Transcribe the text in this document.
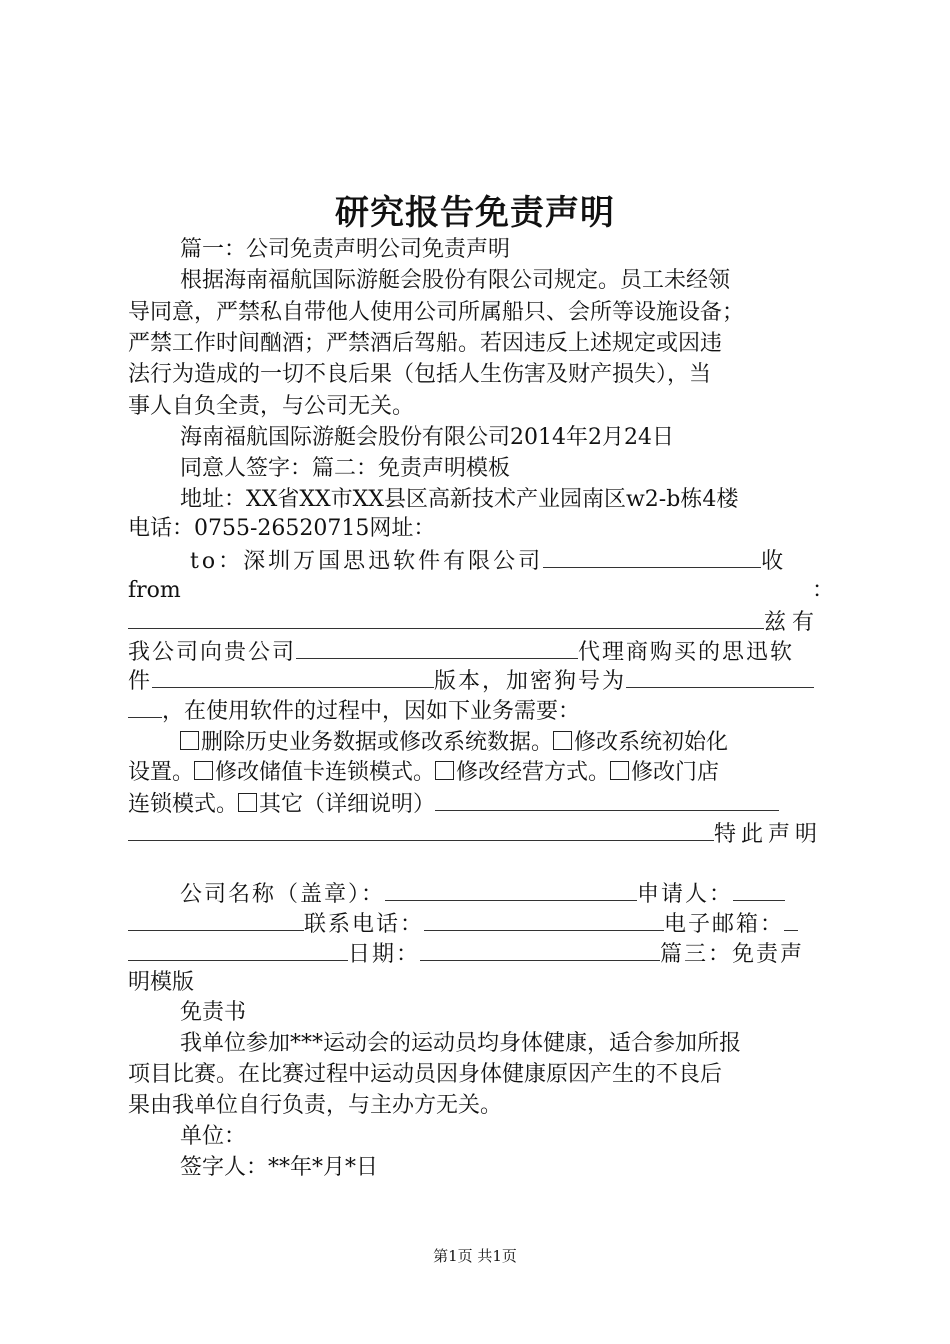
研究报告免责声明
篇一：公司免责声明公司免责声明
根据海南福航国际游艇会股份有限公司规定。员工未经领
导同意，严禁私自带他人使用公司所属船只、会所等设施设备；
严禁工作时间酗酒；严禁酒后驾船。若因违反上述规定或因违
法行为造成的一切不良后果（包括人生伤害及财产损失），当
事人自负全责，与公司无关。
海南福航国际游艇会股份有限公司2014年2月24日
同意人签字：篇二：免责声明模板
地址：XX省XX市XX县区高新技术产业园南区w2-b栋4楼
电话：0755-26520715网址：
to：深圳万国思迅软件有限公司	收
from	：
兹有
我公司向贵公司	代理商购买的思迅软
件	版本，加密狗号为
，在使用软件的过程中，因如下业务需要：
删除历史业务数据或修改系统数据。 修改系统初始化
设置。 修改储值卡连锁模式。 修改经营方式。 修改门店
连锁模式。 其它（详细说明）
特此声明
公司名称（盖章）：	申请人：
联系电话：	电子邮箱：
日期：	篇三：免责声
明模版
免责书
我单位参加***运动会的运动员均身体健康，适合参加所报
项目比赛。在比赛过程中运动员因身体健康原因产生的不良后
果由我单位自行负责，与主办方无关。
单位：
签字人：**年*月*日
第1页 共1页
